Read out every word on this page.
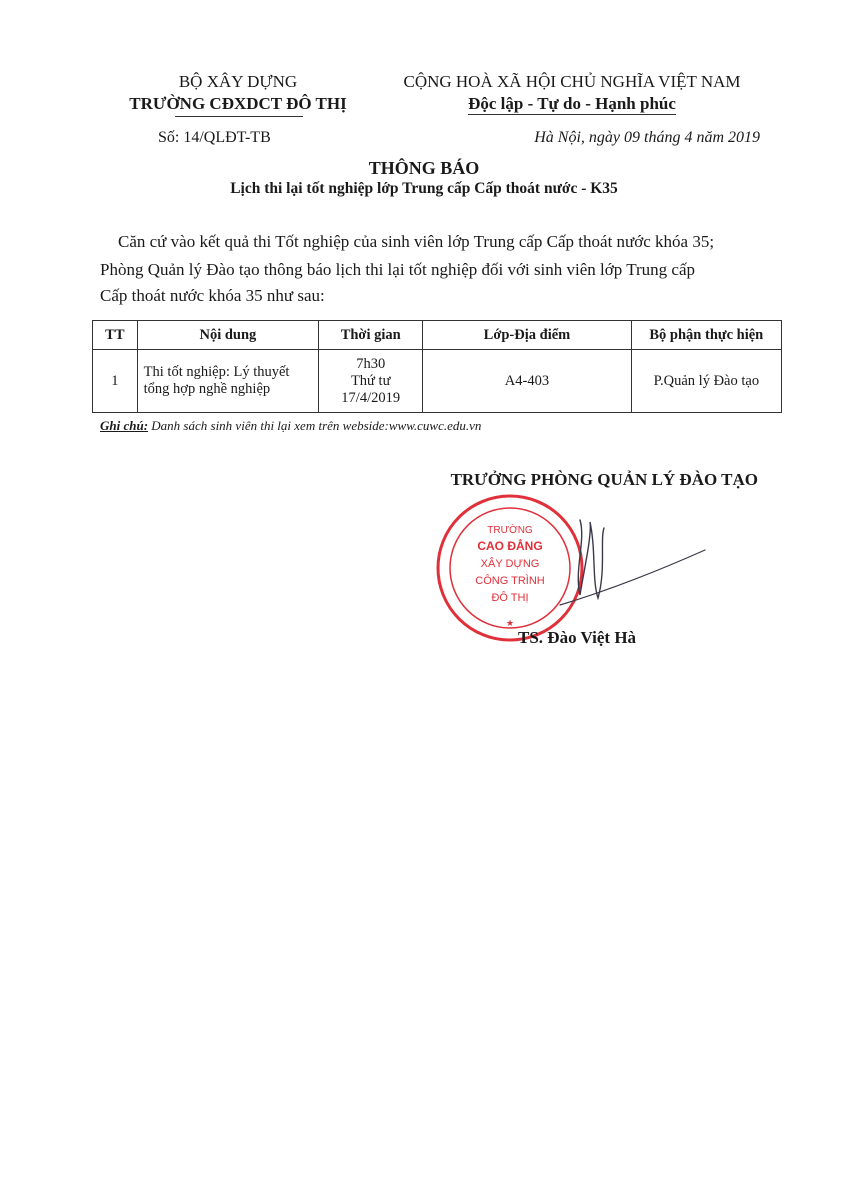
BỘ XÂY DỰNG
TRƯỜNG CĐXDCT ĐÔ THỊ
CỘNG HOÀ XÃ HỘI CHỦ NGHĨA VIỆT NAM
Độc lập - Tự do - Hạnh phúc
Số: 14/QLĐT-TB	Hà Nội, ngày 09 tháng 4 năm 2019
THÔNG BÁO
Lịch thi lại tốt nghiệp lớp Trung cấp Cấp thoát nước - K35
Căn cứ vào kết quả thi Tốt nghiệp của sinh viên lớp Trung cấp Cấp thoát nước khóa 35;
Phòng Quản lý Đào tạo thông báo lịch thi lại tốt nghiệp đối với sinh viên lớp Trung cấp
Cấp thoát nước khóa 35 như sau:
TT	Nội dung	Thời gian	Lớp-Địa điểm	Bộ phận thực hiện
1	Thi tốt nghiệp: Lý thuyết tổng hợp nghề nghiệp	7h30
Thứ tư
17/4/2019	A4-403	P.Quản lý Đào tạo
Ghi chú: Danh sách sinh viên thi lại xem trên webside:www.cuwc.edu.vn
TRƯỞNG PHÒNG QUẢN LÝ ĐÀO TẠO
TRƯỜNG
CAO ĐẲNG
XÂY DỰNG
CÔNG TRÌNH
ĐÔ THỊ
★
TS. Đào Việt Hà
